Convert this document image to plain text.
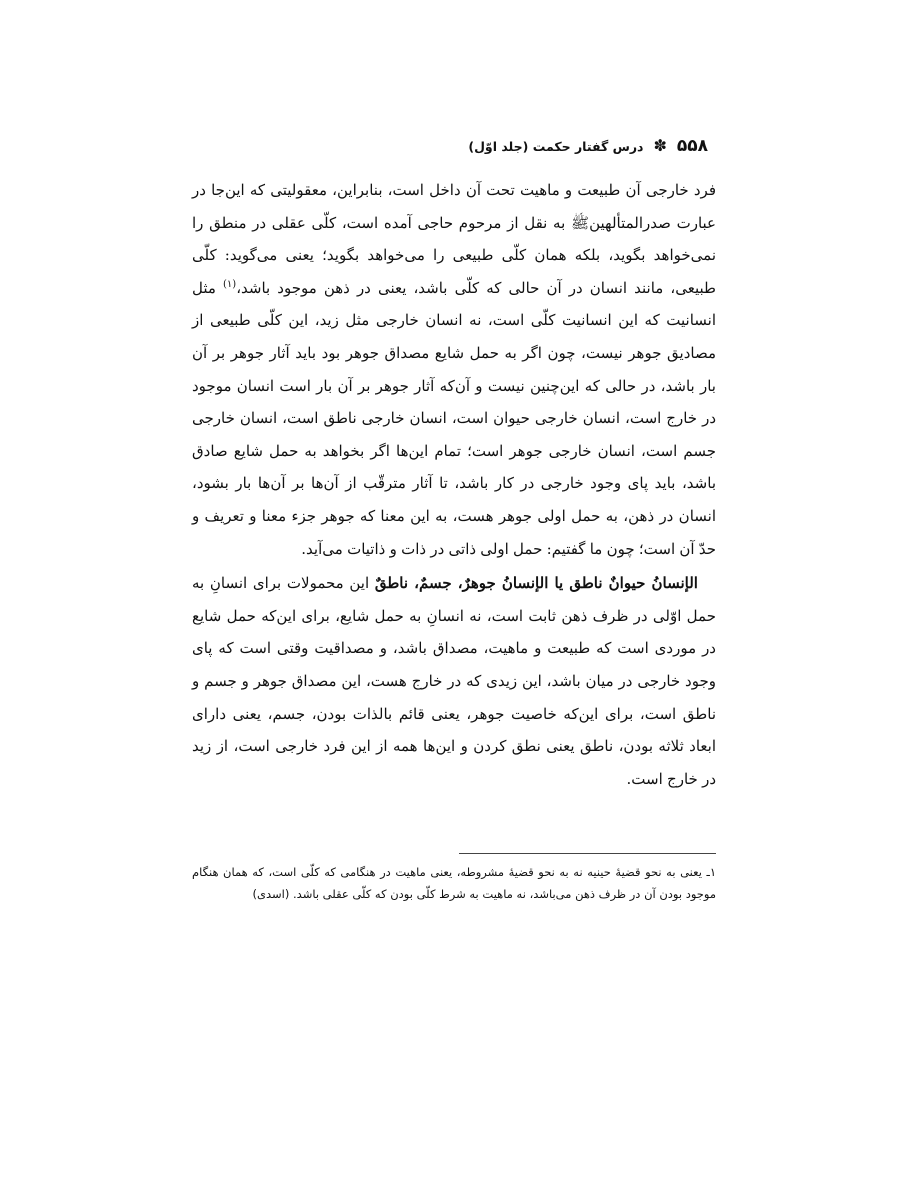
۵۵۸
✽
درس گفتار حکمت (جلد اوّل)

فرد خارجی آن طبیعت و ماهیت تحت آن داخل است، بنابراین، معقولیتی که این‌جا در عبارت صدرالمتألهینﷺ به نقل از مرحوم حاجی آمده است، کلّی عقلی در منطق را نمی‌خواهد بگوید، بلکه همان کلّی طبیعی را می‌خواهد بگوید؛ یعنی می‌گوید: کلّی طبیعی، مانند انسان در آن حالی که کلّی باشد، یعنی در ذهن موجود باشد،$^{(۱)}$ مثل انسانیت که این انسانیت کلّی است، نه انسان خارجی مثل زید، این کلّی طبیعی از مصادیق جوهر نیست، چون اگر به حمل شایع مصداق جوهر بود باید آثار جوهر بر آن بار باشد، در حالی که این‌چنین نیست و آن‌که آثار جوهر بر آن بار است انسان موجود در خارج است، انسان خارجی حیوان است، انسان خارجی ناطق است، انسان خارجی جسم است، انسان خارجی جوهر است؛ تمام این‌ها اگر بخواهد به حمل شایع صادق باشد، باید پای وجود خارجی در کار باشد، تا آثار مترقّب از آن‌ها بر آن‌ها بار بشود، انسان در ذهن، به حمل اولی جوهر هست، به این معنا که جوهر جزء معنا و تعریف و حدّ آن است؛ چون ما گفتیم: حمل اولی ذاتی در ذات و ذاتیات می‌آید.

الإنسانُ حیوانٌ ناطق یا الإنسانُ جوهرٌ، جسمٌ، ناطقٌ این محمولات برای انسانِ به حمل اوّلی در ظرف ذهن ثابت است، نه انسانِ به حمل شایع، برای این‌که حمل شایع در موردی است که طبیعت و ماهیت، مصداق باشد، و مصداقیت وقتی است که پای وجود خارجی در میان باشد، این زیدی که در خارج هست، این مصداق جوهر و جسم و ناطق است، برای این‌که خاصیت جوهر، یعنی قائم بالذات بودن، جسم، یعنی دارای ابعاد ثلاثه بودن، ناطق یعنی نطق کردن و این‌ها همه از این فرد خارجی است، از زید در خارج است.

۱ـ یعنی به نحو قضیهٔ حینیه نه به نحو قضیهٔ مشروطه، یعنی ماهیت در هنگامی که کلّی است، که همان هنگام موجود بودن آن در ظرف ذهن می‌باشد، نه ماهیت به شرط کلّی بودن که کلّی عقلی باشد. (اسدی)
